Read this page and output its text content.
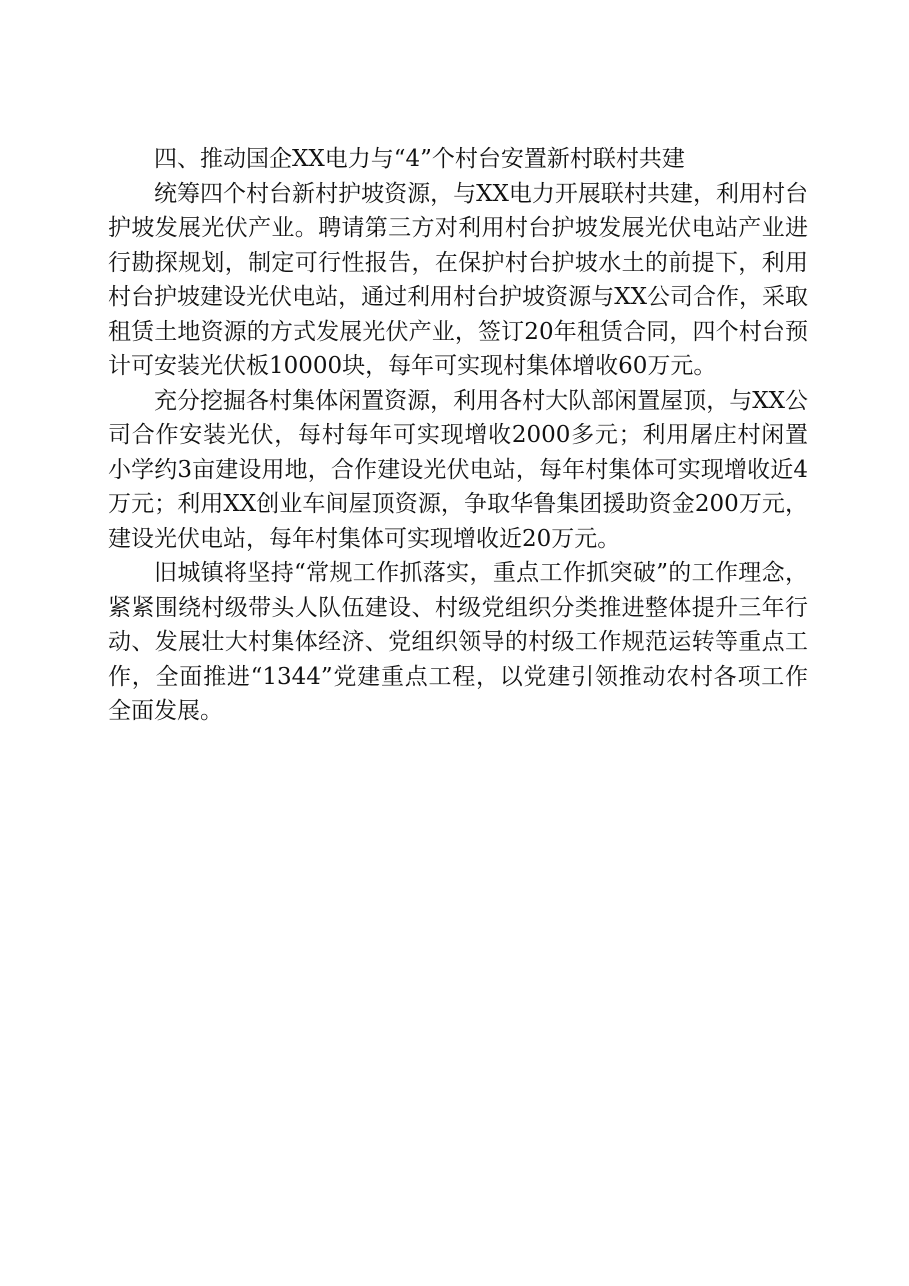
四、推动国企XX电力与“4”个村台安置新村联村共建

统筹四个村台新村护坡资源，与XX电力开展联村共建，利用村台护坡发展光伏产业。聘请第三方对利用村台护坡发展光伏电站产业进行勘探规划，制定可行性报告，在保护村台护坡水土的前提下，利用村台护坡建设光伏电站，通过利用村台护坡资源与XX公司合作，采取租赁土地资源的方式发展光伏产业，签订20年租赁合同，四个村台预计可安装光伏板10000块，每年可实现村集体增收60万元。

充分挖掘各村集体闲置资源，利用各村大队部闲置屋顶，与XX公司合作安装光伏，每村每年可实现增收2000多元；利用屠庄村闲置小学约3亩建设用地，合作建设光伏电站，每年村集体可实现增收近4万元；利用XX创业车间屋顶资源，争取华鲁集团援助资金200万元，建设光伏电站，每年村集体可实现增收近20万元。

旧城镇将坚持“常规工作抓落实，重点工作抓突破”的工作理念，紧紧围绕村级带头人队伍建设、村级党组织分类推进整体提升三年行动、发展壮大村集体经济、党组织领导的村级工作规范运转等重点工作，全面推进“1344”党建重点工程，以党建引领推动农村各项工作全面发展。
